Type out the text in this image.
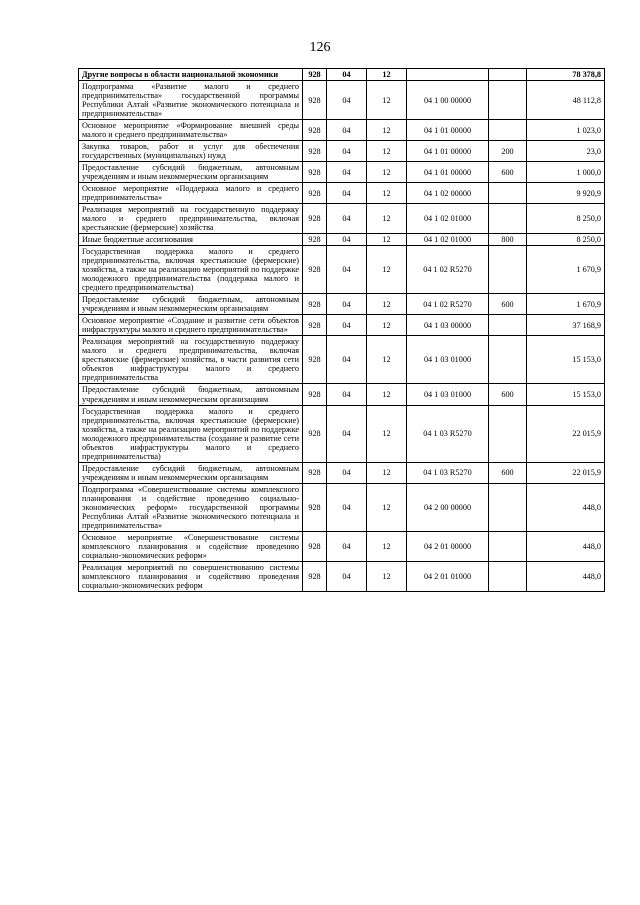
126
Другие вопросы в области национальной экономики	928	04	12			78 378,8
Подпрограмма «Развитие малого и среднего предпринимательства» государственной программы Республики Алтай «Развитие экономического потенциала и предпринимательства»	928	04	12	04 1 00 00000		48 112,8
Основное мероприятие «Формирование внешней среды малого и среднего предпринимательства»	928	04	12	04 1 01 00000		1 023,0
Закупка товаров, работ и услуг для обеспечения государственных (муниципальных) нужд	928	04	12	04 1 01 00000	200	23,0
Предоставление субсидий бюджетным, автономным учреждениям и иным некоммерческим организациям	928	04	12	04 1 01 00000	600	1 000,0
Основное мероприятие «Поддержка малого и среднего предпринимательства»	928	04	12	04 1 02 00000		9 920,9
Реализация мероприятий на государственную поддержку малого и среднего предпринимательства, включая крестьянские (фермерские) хозяйства	928	04	12	04 1 02 01000		8 250,0
Иные бюджетные ассигнования	928	04	12	04 1 02 01000	800	8 250,0
Государственная поддержка малого и среднего предпринимательства, включая крестьянские (фермерские) хозяйства, а также на реализацию мероприятий по поддержке молодежного предпринимательства (поддержка малого и среднего предпринимательства)	928	04	12	04 1 02 R5270		1 670,9
Предоставление субсидий бюджетным, автономным учреждениям и иным некоммерческим организациям	928	04	12	04 1 02 R5270	600	1 670,9
Основное мероприятие «Создание и развитие сети объектов инфраструктуры малого и среднего предпринимательства»	928	04	12	04 1 03 00000		37 168,9
Реализация мероприятий на государственную поддержку малого и среднего предпринимательства, включая крестьянские (фермерские) хозяйства, в части развития сети объектов инфраструктуры малого и среднего предпринимательства	928	04	12	04 1 03 01000		15 153,0
Предоставление субсидий бюджетным, автономным учреждениям и иным некоммерческим организациям	928	04	12	04 1 03 01000	600	15 153,0
Государственная поддержка малого и среднего предпринимательства, включая крестьянские (фермерские) хозяйства, а также на реализацию мероприятий по поддержке молодежного предпринимательства (создание и развитие сети объектов инфраструктуры малого и среднего предпринимательства)	928	04	12	04 1 03 R5270		22 015,9
Предоставление субсидий бюджетным, автономным учреждениям и иным некоммерческим организациям	928	04	12	04 1 03 R5270	600	22 015,9
Подпрограмма «Совершенствование системы комплексного планирования и содействие проведению социально-экономических реформ» государственной программы Республики Алтай «Развитие экономического потенциала и предпринимательства»	928	04	12	04 2 00 00000		448,0
Основное мероприятие «Совершенствование системы комплексного планирования и содействие проведению социально-экономических реформ»	928	04	12	04 2 01 00000		448,0
Реализация мероприятий по совершенствованию системы комплексного планирования и содействию проведения социально-экономических реформ	928	04	12	04 2 01 01000		448,0
